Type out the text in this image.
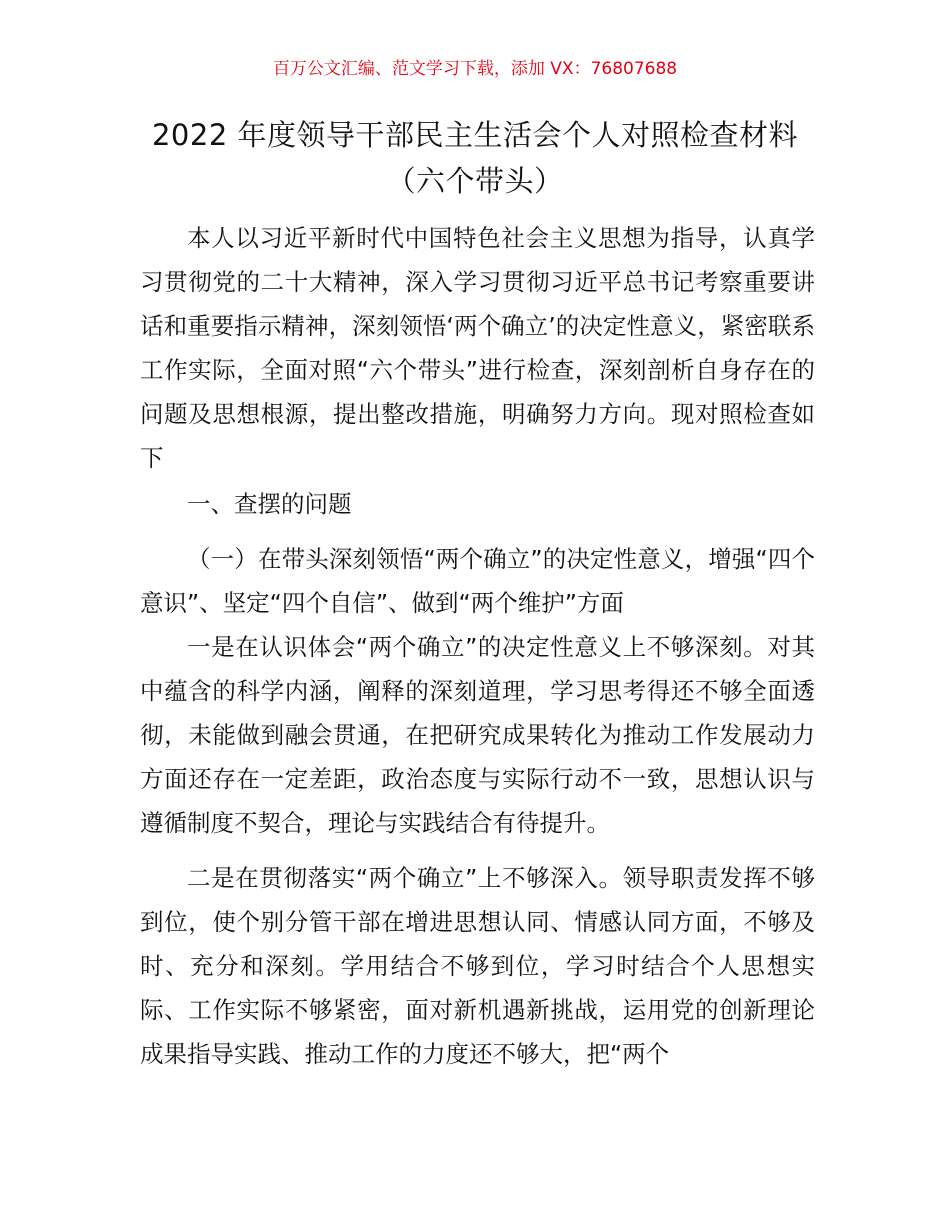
百万公文汇编、范文学习下载，添加 VX：76807688
2022 年度领导干部民主生活会个人对照检查材料（六个带头）

本人以习近平新时代中国特色社会主义思想为指导，认真学习贯彻党的二十大精神，深入学习贯彻习近平总书记考察重要讲话和重要指示精神，深刻领悟‘两个确立’的决定性意义，紧密联系工作实际，全面对照“六个带头”进行检查，深刻剖析自身存在的问题及思想根源，提出整改措施，明确努力方向。现对照检查如下

一、查摆的问题

（一）在带头深刻领悟“两个确立”的决定性意义，增强“四个意识”、坚定“四个自信”、做到“两个维护”方面

一是在认识体会“两个确立”的决定性意义上不够深刻。对其中蕴含的科学内涵，阐释的深刻道理，学习思考得还不够全面透彻，未能做到融会贯通，在把研究成果转化为推动工作发展动力方面还存在一定差距，政治态度与实际行动不一致，思想认识与遵循制度不契合，理论与实践结合有待提升。

二是在贯彻落实“两个确立”上不够深入。领导职责发挥不够到位，使个别分管干部在增进思想认同、情感认同方面，不够及时、充分和深刻。学用结合不够到位，学习时结合个人思想实际、工作实际不够紧密，面对新机遇新挑战，运用党的创新理论成果指导实践、推动工作的力度还不够大，把“两个
